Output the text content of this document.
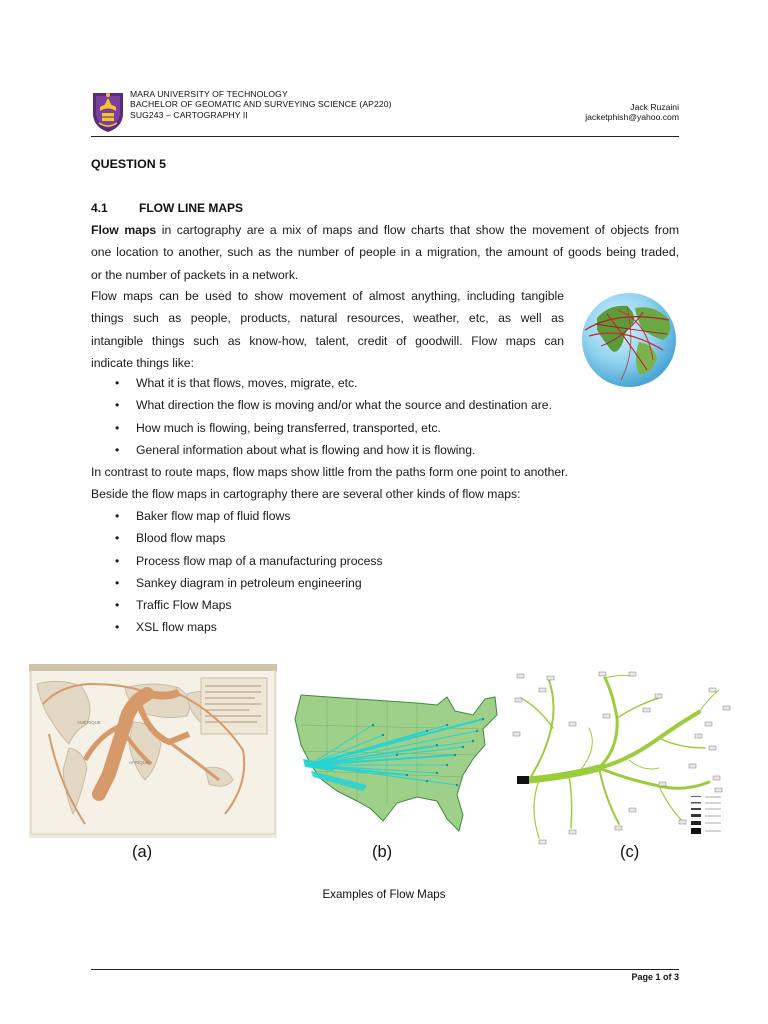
MARA UNIVERSITY OF TECHNOLOGY
BACHELOR OF GEOMATIC AND SURVEYING SCIENCE (AP220)
SUG243 – CARTOGRAPHY II
Jack Ruzaini
jacketphish@yahoo.com
QUESTION 5
4.1	FLOW LINE MAPS
Flow maps in cartography are a mix of maps and flow charts that show the movement of objects from
one location to another, such as the number of people in a migration, the amount of goods being traded,
or the number of packets in a network.
Flow maps can be used to show movement of almost anything, including tangible
things such as people, products, natural resources, weather, etc, as well as
intangible things such as know-how, talent, credit of goodwill. Flow maps can
indicate things like:
• What it is that flows, moves, migrate, etc.
• What direction the flow is moving and/or what the source and destination are.
• How much is flowing, being transferred, transported, etc.
• General information about what is flowing and how it is flowing.
In contrast to route maps, flow maps show little from the paths form one point to another.
Beside the flow maps in cartography there are several other kinds of flow maps:
• Baker flow map of fluid flows
• Blood flow maps
• Process flow map of a manufacturing process
• Sankey diagram in petroleum engineering
• Traffic Flow Maps
• XSL flow maps
AMÉRIQUE
AFRIQUE
(a)	(b)	(c)
Examples of Flow Maps
Page 1 of 3
